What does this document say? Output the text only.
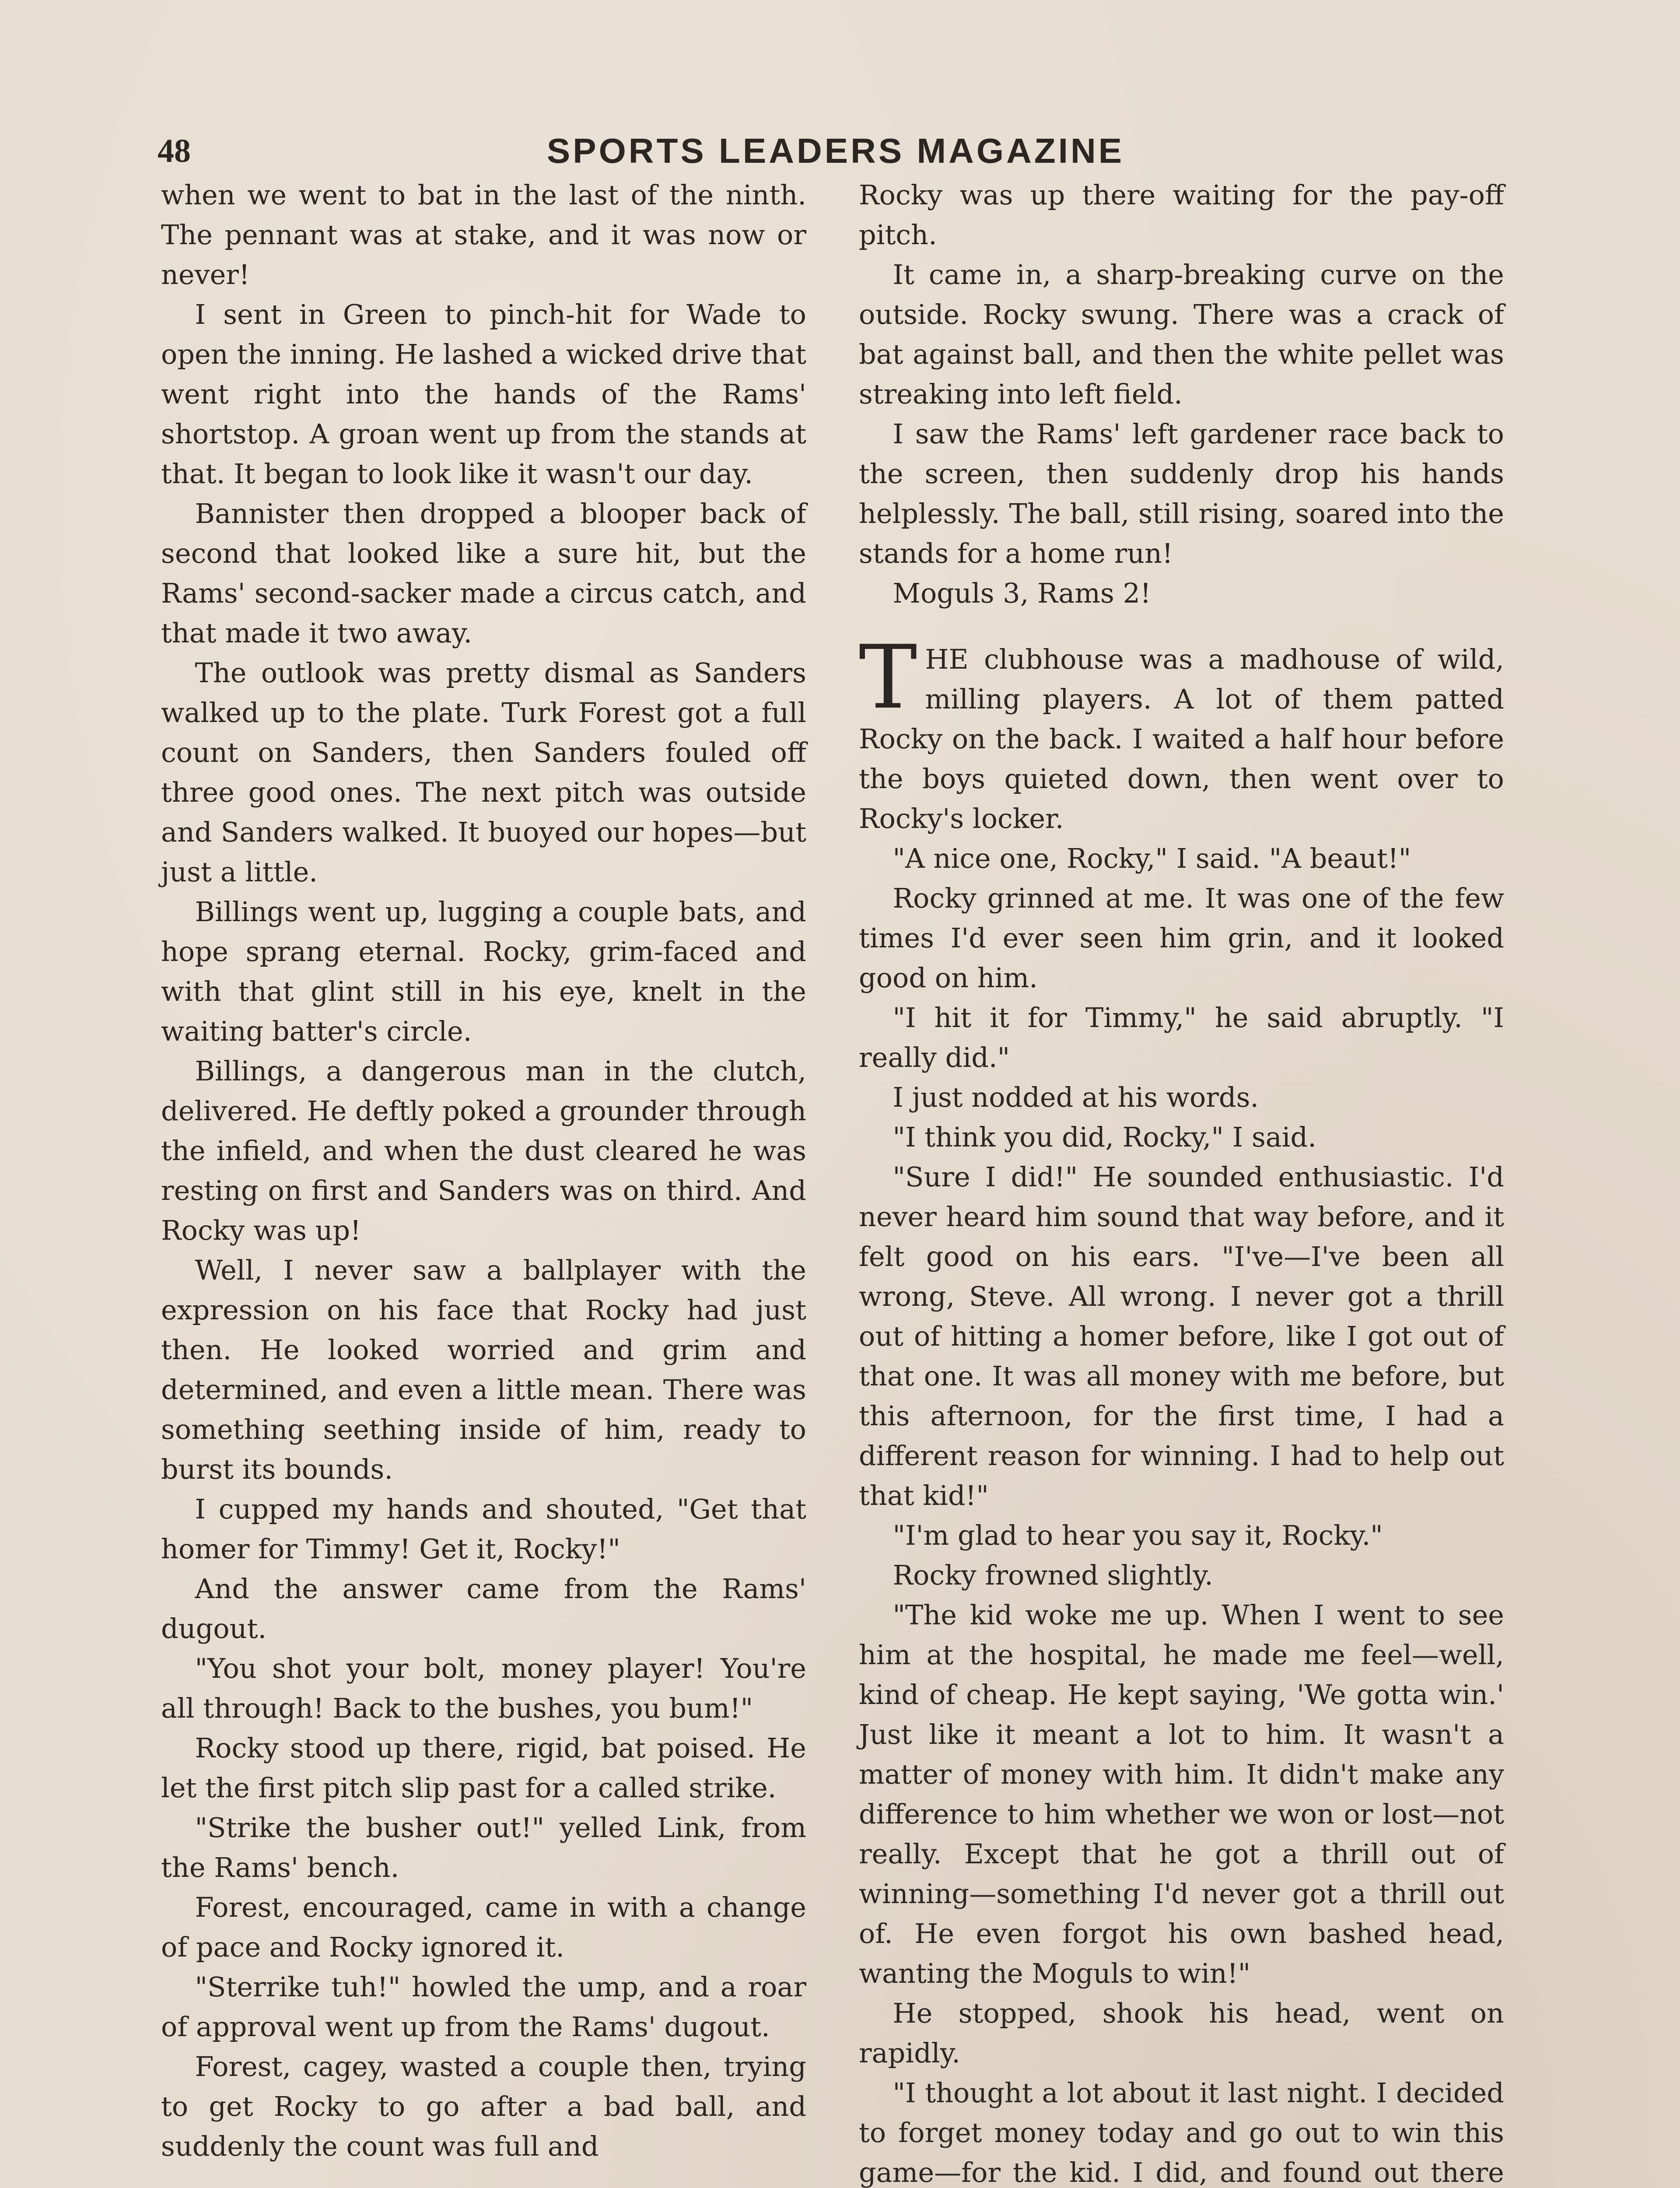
48	SPORTS LEADERS MAGAZINE

when we went to bat in the last of the ninth. The pennant was at stake, and it was now or never!

I sent in Green to pinch-hit for Wade to open the inning. He lashed a wicked drive that went right into the hands of the Rams' shortstop. A groan went up from the stands at that. It began to look like it wasn't our day.

Bannister then dropped a blooper back of second that looked like a sure hit, but the Rams' second-sacker made a circus catch, and that made it two away.

The outlook was pretty dismal as Sanders walked up to the plate. Turk Forest got a full count on Sanders, then Sanders fouled off three good ones. The next pitch was outside and Sanders walked. It buoyed our hopes—but just a little.

Billings went up, lugging a couple bats, and hope sprang eternal. Rocky, grim-faced and with that glint still in his eye, knelt in the waiting batter's circle.

Billings, a dangerous man in the clutch, delivered. He deftly poked a grounder through the infield, and when the dust cleared he was resting on first and Sanders was on third. And Rocky was up!

Well, I never saw a ballplayer with the expression on his face that Rocky had just then. He looked worried and grim and determined, and even a little mean. There was something seething inside of him, ready to burst its bounds.

I cupped my hands and shouted, "Get that homer for Timmy! Get it, Rocky!"

And the answer came from the Rams' dugout.

"You shot your bolt, money player! You're all through! Back to the bushes, you bum!"

Rocky stood up there, rigid, bat poised. He let the first pitch slip past for a called strike.

"Strike the busher out!" yelled Link, from the Rams' bench.

Forest, encouraged, came in with a change of pace and Rocky ignored it.

"Sterrike tuh!" howled the ump, and a roar of approval went up from the Rams' dugout.

Forest, cagey, wasted a couple then, trying to get Rocky to go after a bad ball, and suddenly the count was full and

Rocky was up there waiting for the pay-off pitch.

It came in, a sharp-breaking curve on the outside. Rocky swung. There was a crack of bat against ball, and then the white pellet was streaking into left field.

I saw the Rams' left gardener race back to the screen, then suddenly drop his hands helplessly. The ball, still rising, soared into the stands for a home run!

Moguls 3, Rams 2!

THE clubhouse was a madhouse of wild, milling players. A lot of them patted Rocky on the back. I waited a half hour before the boys quieted down, then went over to Rocky's locker.

"A nice one, Rocky," I said. "A beaut!"

Rocky grinned at me. It was one of the few times I'd ever seen him grin, and it looked good on him.

"I hit it for Timmy," he said abruptly. "I really did."

I just nodded at his words.

"I think you did, Rocky," I said.

"Sure I did!" He sounded enthusiastic. I'd never heard him sound that way before, and it felt good on his ears. "I've—I've been all wrong, Steve. All wrong. I never got a thrill out of hitting a homer before, like I got out of that one. It was all money with me before, but this afternoon, for the first time, I had a different reason for winning. I had to help out that kid!"

"I'm glad to hear you say it, Rocky."

Rocky frowned slightly.

"The kid woke me up. When I went to see him at the hospital, he made me feel—well, kind of cheap. He kept saying, 'We gotta win.' Just like it meant a lot to him. It wasn't a matter of money with him. It didn't make any difference to him whether we won or lost—not really. Except that he got a thrill out of winning—something I'd never got a thrill out of. He even forgot his own bashed head, wanting the Moguls to win!"

He stopped, shook his head, went on rapidly.

"I thought a lot about it last night. I decided to forget money today and go out to win this game—for the kid. I did, and found out there
